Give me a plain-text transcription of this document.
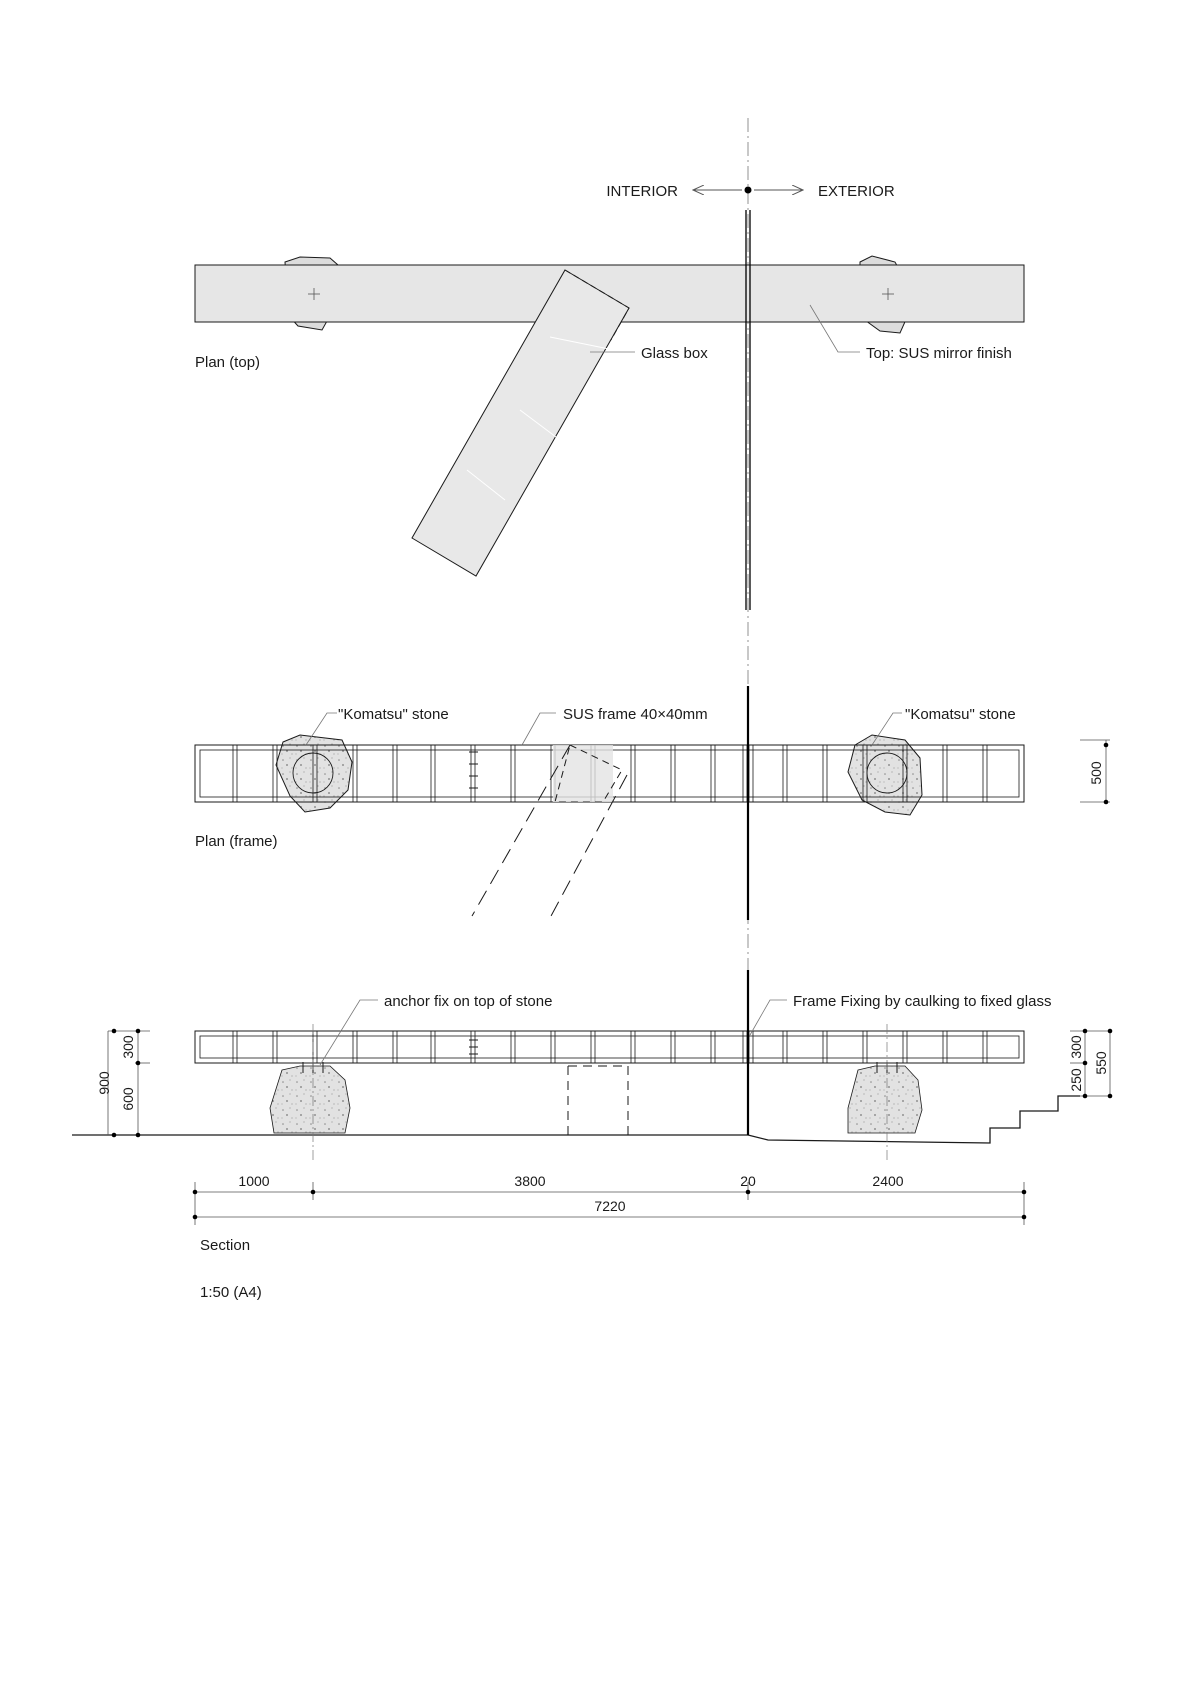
INTERIOR	EXTERIOR
Glass box	Top: SUS mirror finish
Plan (top)
"Komatsu" stone	SUS frame 40×40mm	"Komatsu" stone
Plan (frame)
500
anchor fix on top of stone	Frame Fixing by caulking to fixed glass
900
300
600
300
250
550
1000	3800	20	2400
7220
Section
1:50 (A4)
